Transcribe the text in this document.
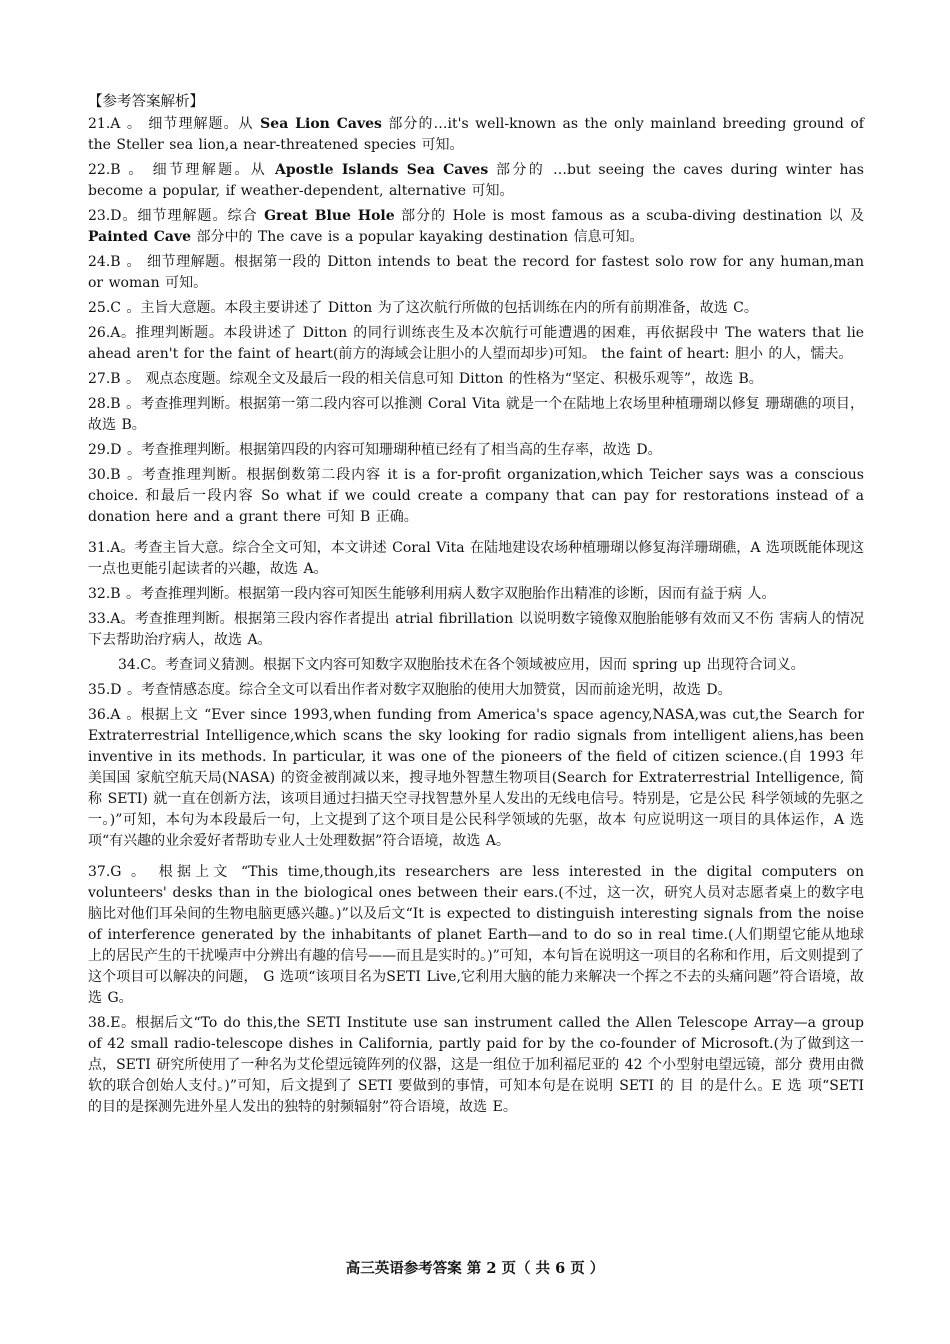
【参考答案解析】

21.A 。 细节理解题。从 Sea Lion Caves 部分的…it's well-known as the only mainland breeding ground of the Steller sea lion,a near-threatened species 可知。

22.B 。 细节理解题。从 Apostle Islands Sea Caves 部分的 …but seeing the caves during winter has become a popular, if weather-dependent, alternative 可知。

23.D。细节理解题。综合 Great Blue Hole 部分的 Hole is most famous as a scuba-diving destination 以 及 Painted Cave 部分中的 The cave is a popular kayaking destination 信息可知。

24.B 。 细节理解题。根据第一段的 Ditton intends to beat the record for fastest solo row for any human,man or woman 可知。

25.C 。主旨大意题。本段主要讲述了 Ditton 为了这次航行所做的包括训练在内的所有前期准备，故选 C。

26.A。推理判断题。本段讲述了 Ditton 的同行训练丧生及本次航行可能遭遇的困难，再依据段中 The waters that lie ahead aren't for the faint of heart(前方的海域会让胆小的人望而却步)可知。 the faint of heart: 胆小 的人，懦夫。

27.B 。 观点态度题。综观全文及最后一段的相关信息可知 Ditton 的性格为“坚定、积极乐观等”，故选 B。

28.B 。考查推理判断。根据第一第二段内容可以推测 Coral Vita 就是一个在陆地上农场里种植珊瑚以修复 珊瑚礁的项目，故选 B。

29.D 。考查推理判断。根据第四段的内容可知珊瑚种植已经有了相当高的生存率，故选 D。

30.B 。考查推理判断。根据倒数第二段内容 it is a for-profit organization,which Teicher says was a conscious choice. 和最后一段内容 So what if we could create a company that can pay for restorations instead of a donation here and a grant there 可知 B 正确。

31.A。考查主旨大意。综合全文可知，本文讲述 Coral Vita 在陆地建设农场种植珊瑚以修复海洋珊瑚礁，A 选项既能体现这一点也更能引起读者的兴趣，故选 A。

32.B 。考查推理判断。根据第一段内容可知医生能够利用病人数字双胞胎作出精准的诊断，因而有益于病 人。

33.A。考查推理判断。根据第三段内容作者提出 atrial fibrillation 以说明数字镜像双胞胎能够有效而又不伤 害病人的情况下去帮助治疗病人，故选 A。

34.C。考查词义猜测。根据下文内容可知数字双胞胎技术在各个领域被应用，因而 spring up 出现符合词义。

35.D 。考查情感态度。综合全文可以看出作者对数字双胞胎的使用大加赞赏，因而前途光明，故选 D。

36.A 。根据上文 “Ever since 1993,when funding from America's space agency,NASA,was cut,the Search for Extraterrestrial Intelligence,which scans the sky looking for radio signals from intelligent aliens,has been inventive in its methods. In particular, it was one of the pioneers of the field of citizen science.(自 1993 年美国国 家航空航天局(NASA) 的资金被削减以来，搜寻地外智慧生物项目(Search for Extraterrestrial Intelligence, 简 称 SETI) 就一直在创新方法，该项目通过扫描天空寻找智慧外星人发出的无线电信号。特别是，它是公民 科学领域的先驱之一。)”可知，本句为本段最后一句，上文提到了这个项目是公民科学领域的先驱，故本 句应说明这一项目的具体运作，A 选项“有兴趣的业余爱好者帮助专业人士处理数据”符合语境，故选 A。

37.G 。 根据上文 “This time,though,its researchers are less interested in the digital computers on volunteers' desks than in the biological ones between their ears.(不过，这一次，研究人员对志愿者桌上的数字电脑比对他们耳朵间的生物电脑更感兴趣。)”以及后文“It is expected to distinguish interesting signals from the noise of interference generated by the inhabitants of planet Earth—and to do so in real time.(人们期望它能从地球上的居民产生的干扰噪声中分辨出有趣的信号——而且是实时的。)”可知，本句旨在说明这一项目的名称和作用，后文则提到了这个项目可以解决的问题， G 选项“该项目名为SETI Live,它利用大脑的能力来解决一个挥之不去的头痛问题”符合语境，故选 G。

38.E。根据后文“To do this,the SETI Institute use san instrument called the Allen Telescope Array—a group of 42 small radio-telescope dishes in California, partly paid for by the co-founder of Microsoft.(为了做到这一点，SETI 研究所使用了一种名为艾伦望远镜阵列的仪器，这是一组位于加利福尼亚的 42 个小型射电望远镜，部分 费用由微软的联合创始人支付。)”可知，后文提到了 SETI 要做到的事情，可知本句是在说明 SETI 的 目 的是什么。E 选 项“SETI 的目的是探测先进外星人发出的独特的射频辐射”符合语境，故选 E。

高三英语参考答案 第 2 页（ 共 6 页 ）
